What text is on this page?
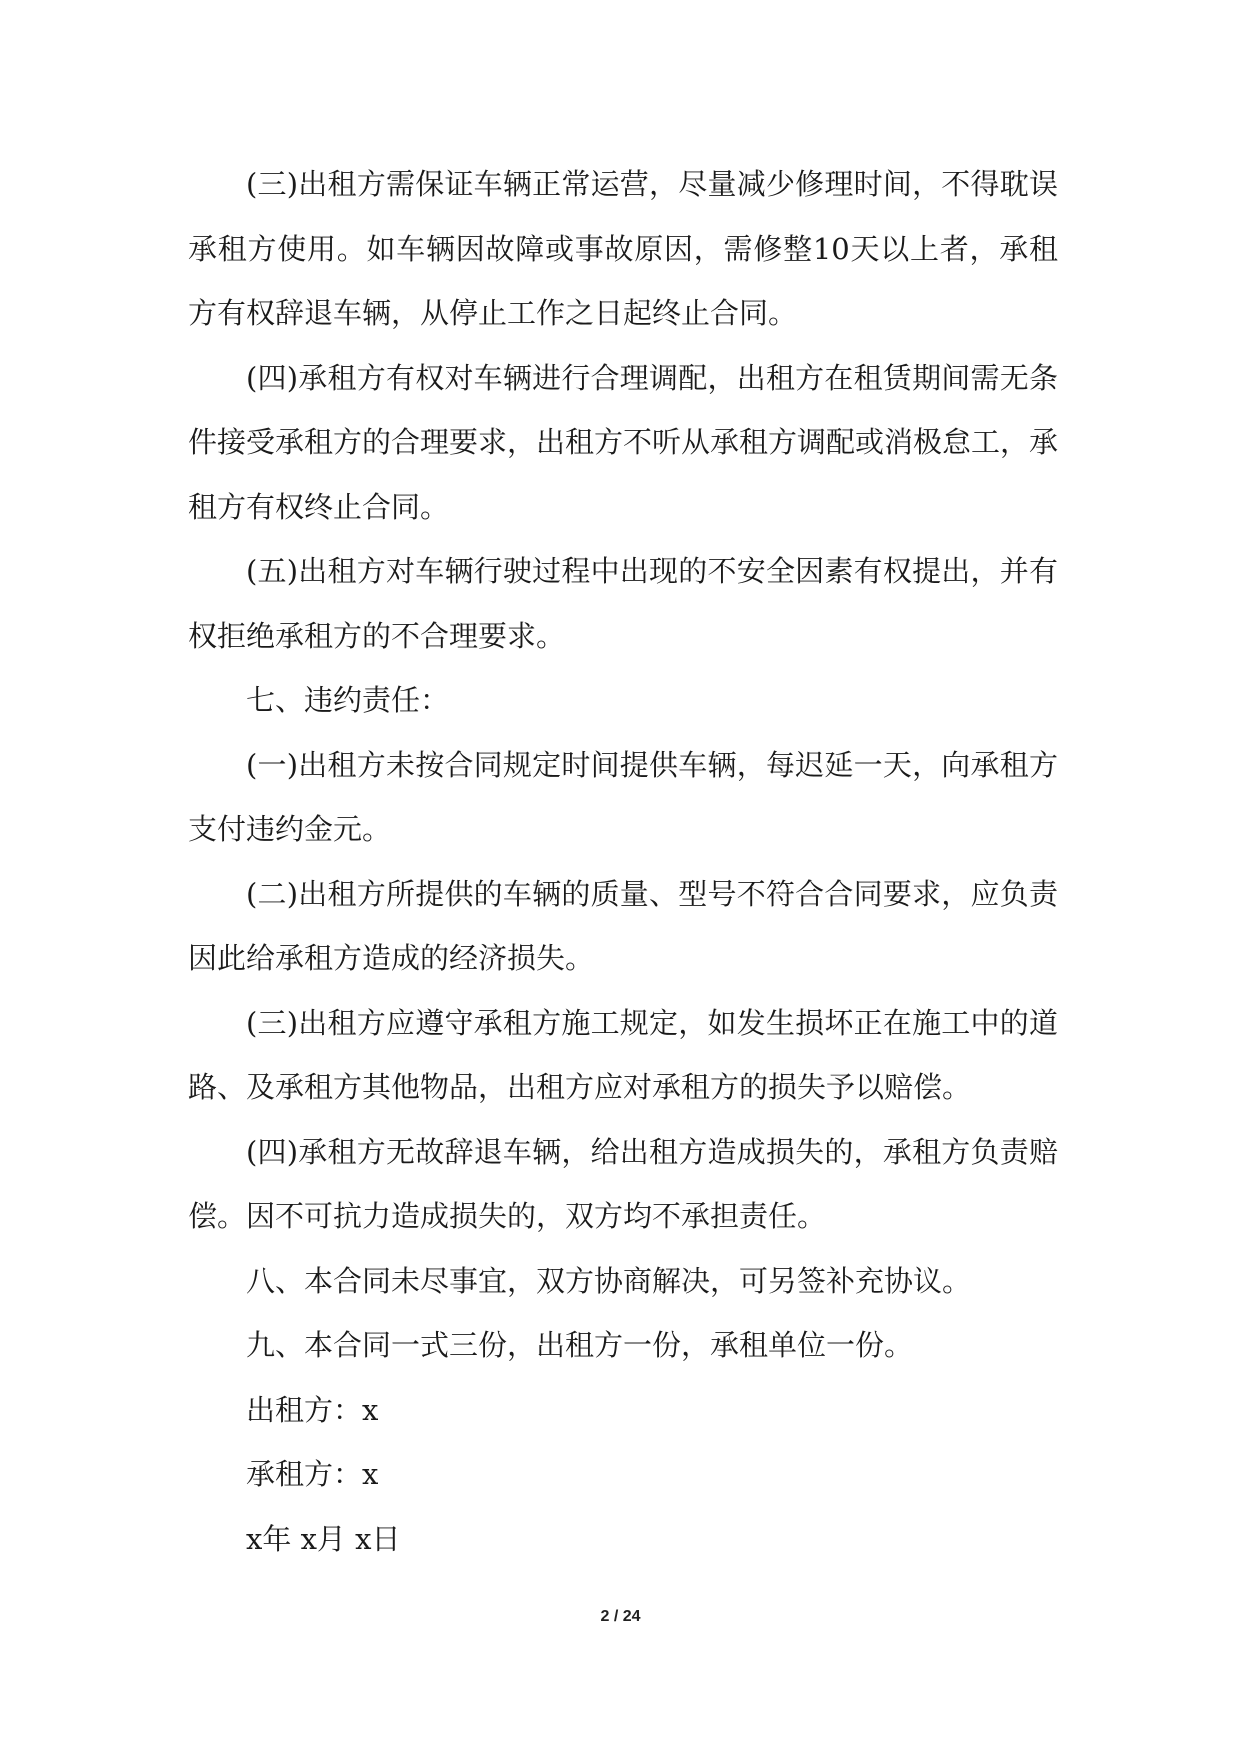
(三)出租方需保证车辆正常运营，尽量减少修理时间，不得耽误承租方使用。如车辆因故障或事故原因，需修整10天以上者，承租方有权辞退车辆，从停止工作之日起终止合同。

(四)承租方有权对车辆进行合理调配，出租方在租赁期间需无条件接受承租方的合理要求，出租方不听从承租方调配或消极怠工，承租方有权终止合同。

(五)出租方对车辆行驶过程中出现的不安全因素有权提出，并有权拒绝承租方的不合理要求。

七、违约责任：

(一)出租方未按合同规定时间提供车辆，每迟延一天，向承租方支付违约金元。

(二)出租方所提供的车辆的质量、型号不符合合同要求，应负责因此给承租方造成的经济损失。

(三)出租方应遵守承租方施工规定，如发生损坏正在施工中的道路、及承租方其他物品，出租方应对承租方的损失予以赔偿。

(四)承租方无故辞退车辆，给出租方造成损失的，承租方负责赔偿。因不可抗力造成损失的，双方均不承担责任。

八、本合同未尽事宜，双方协商解决，可另签补充协议。

九、本合同一式三份，出租方一份，承租单位一份。

出租方：x

承租方：x

x年 x月 x日

2 / 24
